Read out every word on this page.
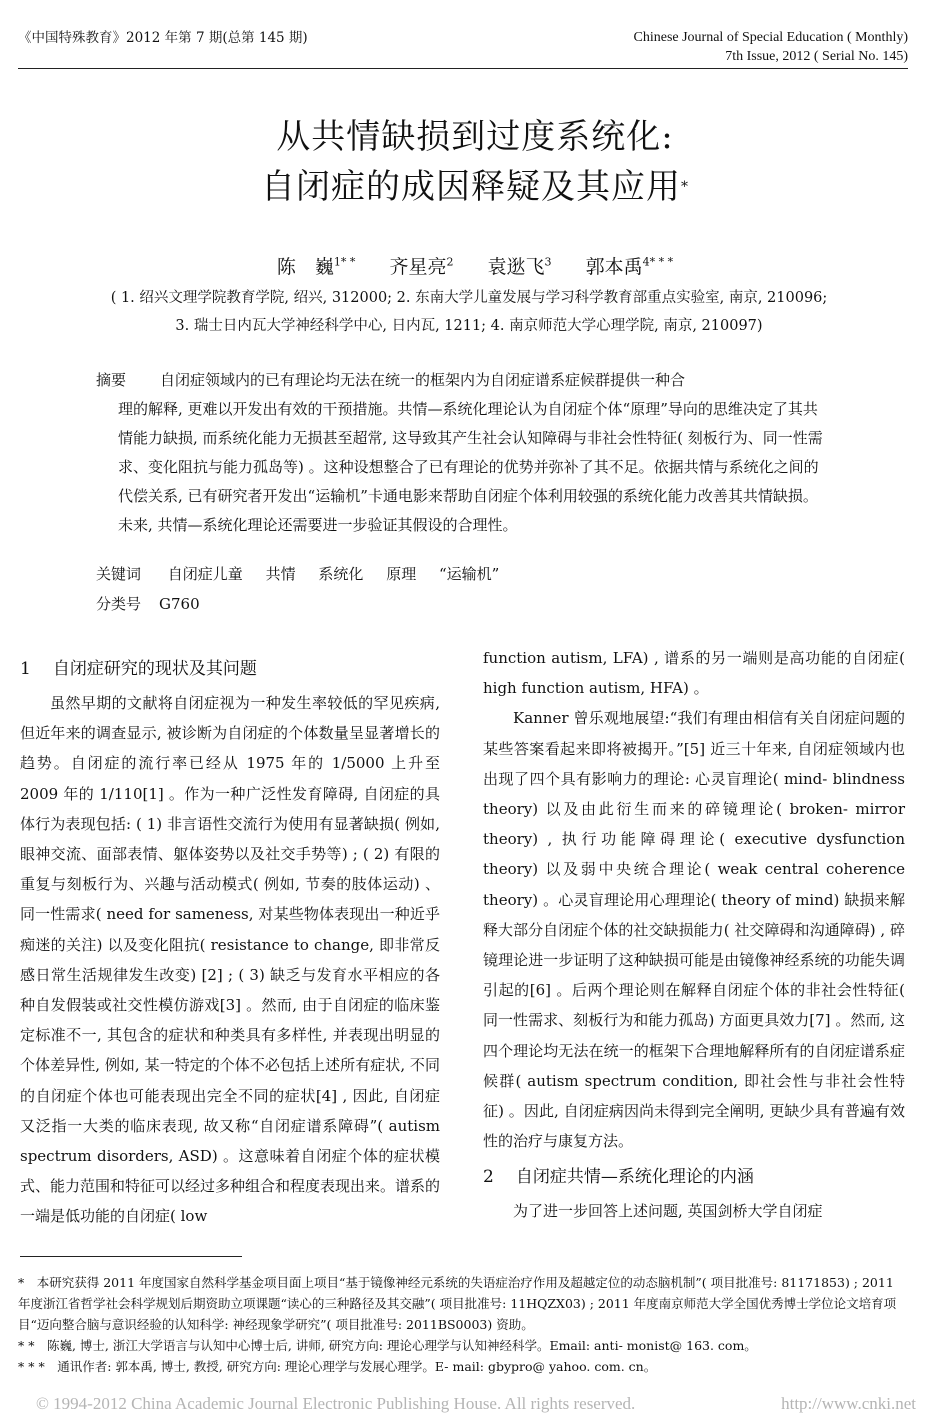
《中国特殊教育》2012 年第 7 期(总第 145 期)	Chinese Journal of Special Education ( Monthly)
7th Issue, 2012 ( Serial No. 145)
从共情缺损到过度系统化:
自闭症的成因释疑及其应用*
陈　巍$^{1* *}$ 齐星亮$^2$ 袁逖飞$^3$ 郭本禹$^{4* * *}$
( 1. 绍兴文理学院教育学院, 绍兴, 312000; 2. 东南大学儿童发展与学习科学教育部重点实验室, 南京, 210096;
3. 瑞士日内瓦大学神经科学中心, 日内瓦, 1211; 4. 南京师范大学心理学院, 南京, 210097)

摘要 自闭症领域内的已有理论均无法在统一的框架内为自闭症谱系症候群提供一种合

理的解释, 更难以开发出有效的干预措施。共情—系统化理论认为自闭症个体“原理”导向的思维决定了其共情能力缺损, 而系统化能力无损甚至超常, 这导致其产生社会认知障碍与非社会性特征( 刻板行为、同一性需求、变化阻抗与能力孤岛等) 。这种设想整合了已有理论的优势并弥补了其不足。依据共情与系统化之间的代偿关系, 已有研究者开发出“运输机”卡通电影来帮助自闭症个体利用较强的系统化能力改善其共情缺损。未来, 共情—系统化理论还需要进一步验证其假设的合理性。

关键词 自闭症儿童 共情 系统化 原理 “运输机”
分类号 G760
1 自闭症研究的现状及其问题

虽然早期的文献将自闭症视为一种发生率较低的罕见疾病, 但近年来的调查显示, 被诊断为自闭症的个体数量呈显著增长的趋势。自闭症的流行率已经从 1975 年的 1/5000 上升至 2009 年的 1/110[1] 。作为一种广泛性发育障碍, 自闭症的具体行为表现包括: ( 1) 非言语性交流行为使用有显著缺损( 例如, 眼神交流、面部表情、躯体姿势以及社交手势等) ; ( 2) 有限的重复与刻板行为、兴趣与活动模式( 例如, 节奏的肢体运动) 、同一性需求( need for sameness, 对某些物体表现出一种近乎痴迷的关注) 以及变化阻抗( resistance to change, 即非常反感日常生活规律发生改变) [2] ; ( 3) 缺乏与发育水平相应的各种自发假装或社交性模仿游戏[3] 。然而, 由于自闭症的临床鉴定标准不一, 其包含的症状和种类具有多样性, 并表现出明显的个体差异性, 例如, 某一特定的个体不必包括上述所有症状, 不同的自闭症个体也可能表现出完全不同的症状[4] , 因此, 自闭症又泛指一大类的临床表现, 故又称“自闭症谱系障碍”( autism spectrum disorders, ASD) 。这意味着自闭症个体的症状模式、能力范围和特征可以经过多种组合和程度表现出来。谱系的一端是低功能的自闭症( low

function autism, LFA) , 谱系的另一端则是高功能的自闭症( high function autism, HFA) 。

Kanner 曾乐观地展望:“我们有理由相信有关自闭症问题的某些答案看起来即将被揭开。”[5] 近三十年来, 自闭症领域内也出现了四个具有影响力的理论: 心灵盲理论( mind- blindness theory) 以及由此衍生而来的碎镜理论( broken- mirror theory) , 执行功能障碍理论( executive dysfunction theory) 以及弱中央统合理论( weak central coherence theory) 。心灵盲理论用心理理论( theory of mind) 缺损来解释大部分自闭症个体的社交缺损能力( 社交障碍和沟通障碍) , 碎镜理论进一步证明了这种缺损可能是由镜像神经系统的功能失调引起的[6] 。后两个理论则在解释自闭症个体的非社会性特征( 同一性需求、刻板行为和能力孤岛) 方面更具效力[7] 。然而, 这四个理论均无法在统一的框架下合理地解释所有的自闭症谱系症候群( autism spectrum condition, 即社会性与非社会性特征) 。因此, 自闭症病因尚未得到完全阐明, 更缺少具有普遍有效性的治疗与康复方法。

2 自闭症共情—系统化理论的内涵

为了进一步回答上述问题, 英国剑桥大学自闭症

*　本研究获得 2011 年度国家自然科学基金项目面上项目“基于镜像神经元系统的失语症治疗作用及超越定位的动态脑机制”( 项目批准号: 81171853) ; 2011 年度浙江省哲学社会科学规划后期资助立项课题“读心的三种路径及其交融”( 项目批准号: 11HQZX03) ; 2011 年度南京师范大学全国优秀博士学位论文培育项目“迈向整合脑与意识经验的认知科学: 神经现象学研究”( 项目批准号: 2011BS0003) 资助。

* *　陈巍, 博士, 浙江大学语言与认知中心博士后, 讲师, 研究方向: 理论心理学与认知神经科学。Email: anti- monist@ 163. com。

* * *　通讯作者: 郭本禹, 博士, 教授, 研究方向: 理论心理学与发展心理学。E- mail: gbypro@ yahoo. com. cn。

© 1994-2012 China Academic Journal Electronic Publishing House. All rights reserved.	http://www.cnki.net
